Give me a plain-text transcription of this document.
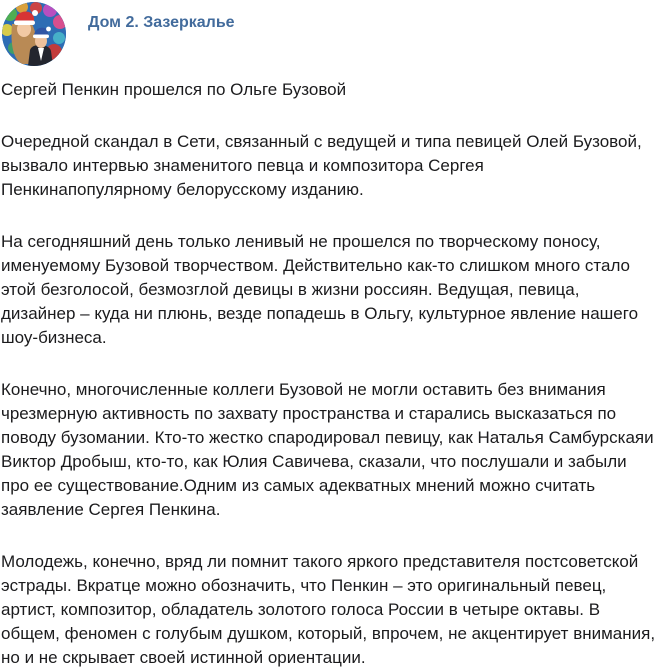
Дом 2. Зазеркалье

Сергей Пенкин прошелся по Ольге Бузовой

Очередной скандал в Сети, связанный с ведущей и типа певицей Олей Бузовой, вызвало интервью знаменитого певца и композитора Сергея Пенкинапопулярному белорусскому изданию.

На сегодняшний день только ленивый не прошелся по творческому поносу, именуемому Бузовой творчеством. Действительно как-то слишком много стало этой безголосой, безмозглой девицы в жизни россиян. Ведущая, певица, дизайнер – куда ни плюнь, везде попадешь в Ольгу, культурное явление нашего шоу-бизнеса.

Конечно, многочисленные коллеги Бузовой не могли оставить без внимания чрезмерную активность по захвату пространства и старались высказаться по поводу бузомании. Кто-то жестко спародировал певицу, как Наталья Самбурскаяи Виктор Дробыш, кто-то, как Юлия Савичева, сказали, что послушали и забыли про ее существование.Одним из самых адекватных мнений можно считать заявление Сергея Пенкина.

Молодежь, конечно, вряд ли помнит такого яркого представителя постсоветской эстрады. Вкратце можно обозначить, что Пенкин – это оригинальный певец, артист, композитор, обладатель золотого голоса России в четыре октавы. В общем, феномен с голубым душком, который, впрочем, не акцентирует внимания, но и не скрывает своей истинной ориентации.
